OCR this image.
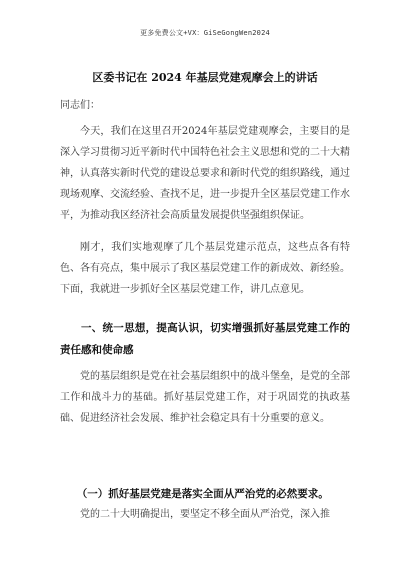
更多免费公文+VX：GiSeGongWen2024
区委书记在 2024 年基层党建观摩会上的讲话
同志们：

今天，我们在这里召开2024年基层党建观摩会，主要目的是深入学习贯彻习近平新时代中国特色社会主义思想和党的二十大精神，认真落实新时代党的建设总要求和新时代党的组织路线，通过现场观摩、交流经验、查找不足，进一步提升全区基层党建工作水平，为推动我区经济社会高质量发展提供坚强组织保证。

刚才，我们实地观摩了几个基层党建示范点，这些点各有特色、各有亮点，集中展示了我区基层党建工作的新成效、新经验。下面，我就进一步抓好全区基层党建工作，讲几点意见。

一、统一思想，提高认识，切实增强抓好基层党建工作的责任感和使命感

党的基层组织是党在社会基层组织中的战斗堡垒，是党的全部工作和战斗力的基础。抓好基层党建工作，对于巩固党的执政基础、促进经济社会发展、维护社会稳定具有十分重要的意义。

（一）抓好基层党建是落实全面从严治党的必然要求。

党的二十大明确提出，要坚定不移全面从严治党，深入推
